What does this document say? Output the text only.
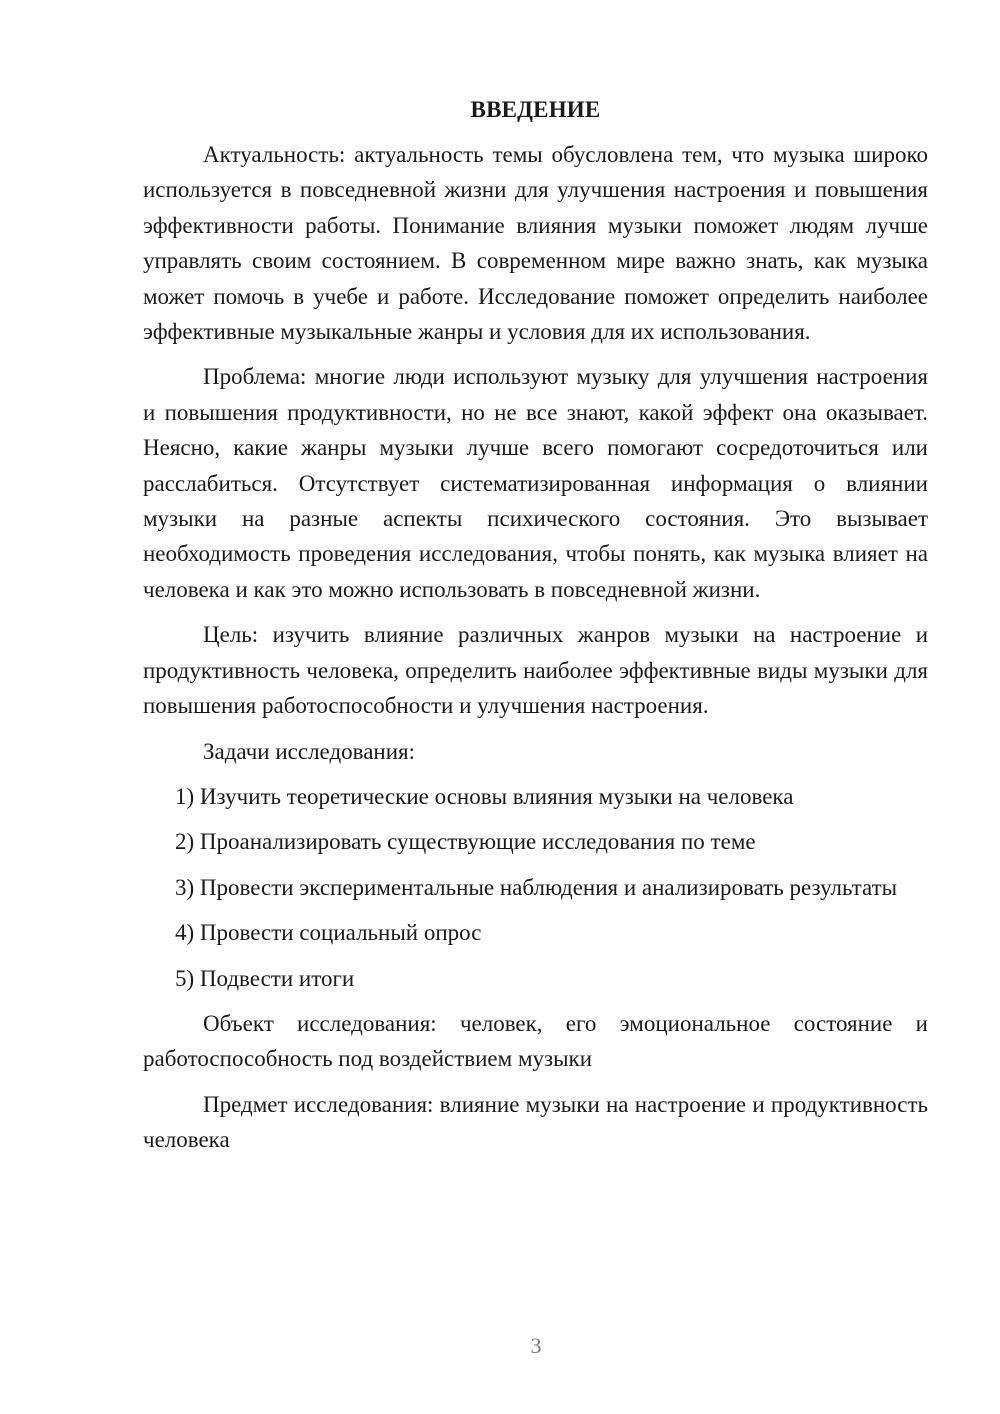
ВВЕДЕНИЕ

Актуальность: актуальность темы обусловлена тем, что музыка широко используется в повседневной жизни для улучшения настроения и повышения эффективности работы. Понимание влияния музыки поможет людям лучше управлять своим состоянием. В современном мире важно знать, как музыка может помочь в учебе и работе. Исследование поможет определить наиболее эффективные музыкальные жанры и условия для их использования.

Проблема: многие люди используют музыку для улучшения настроения и повышения продуктивности, но не все знают, какой эффект она оказывает. Неясно, какие жанры музыки лучше всего помогают сосредоточиться или расслабиться. Отсутствует систематизированная информация о влиянии музыки на разные аспекты психического состояния. Это вызывает необходимость проведения исследования, чтобы понять, как музыка влияет на человека и как это можно использовать в повседневной жизни.

Цель: изучить влияние различных жанров музыки на настроение и продуктивность человека, определить наиболее эффективные виды музыки для повышения работоспособности и улучшения настроения.

Задачи исследования:

1) Изучить теоретические основы влияния музыки на человека

2) Проанализировать существующие исследования по теме

3) Провести экспериментальные наблюдения и анализировать результаты

4) Провести социальный опрос

5) Подвести итоги

Объект исследования: человек, его эмоциональное состояние и работоспособность под воздействием музыки

Предмет исследования: влияние музыки на настроение и продуктивность человека

3
